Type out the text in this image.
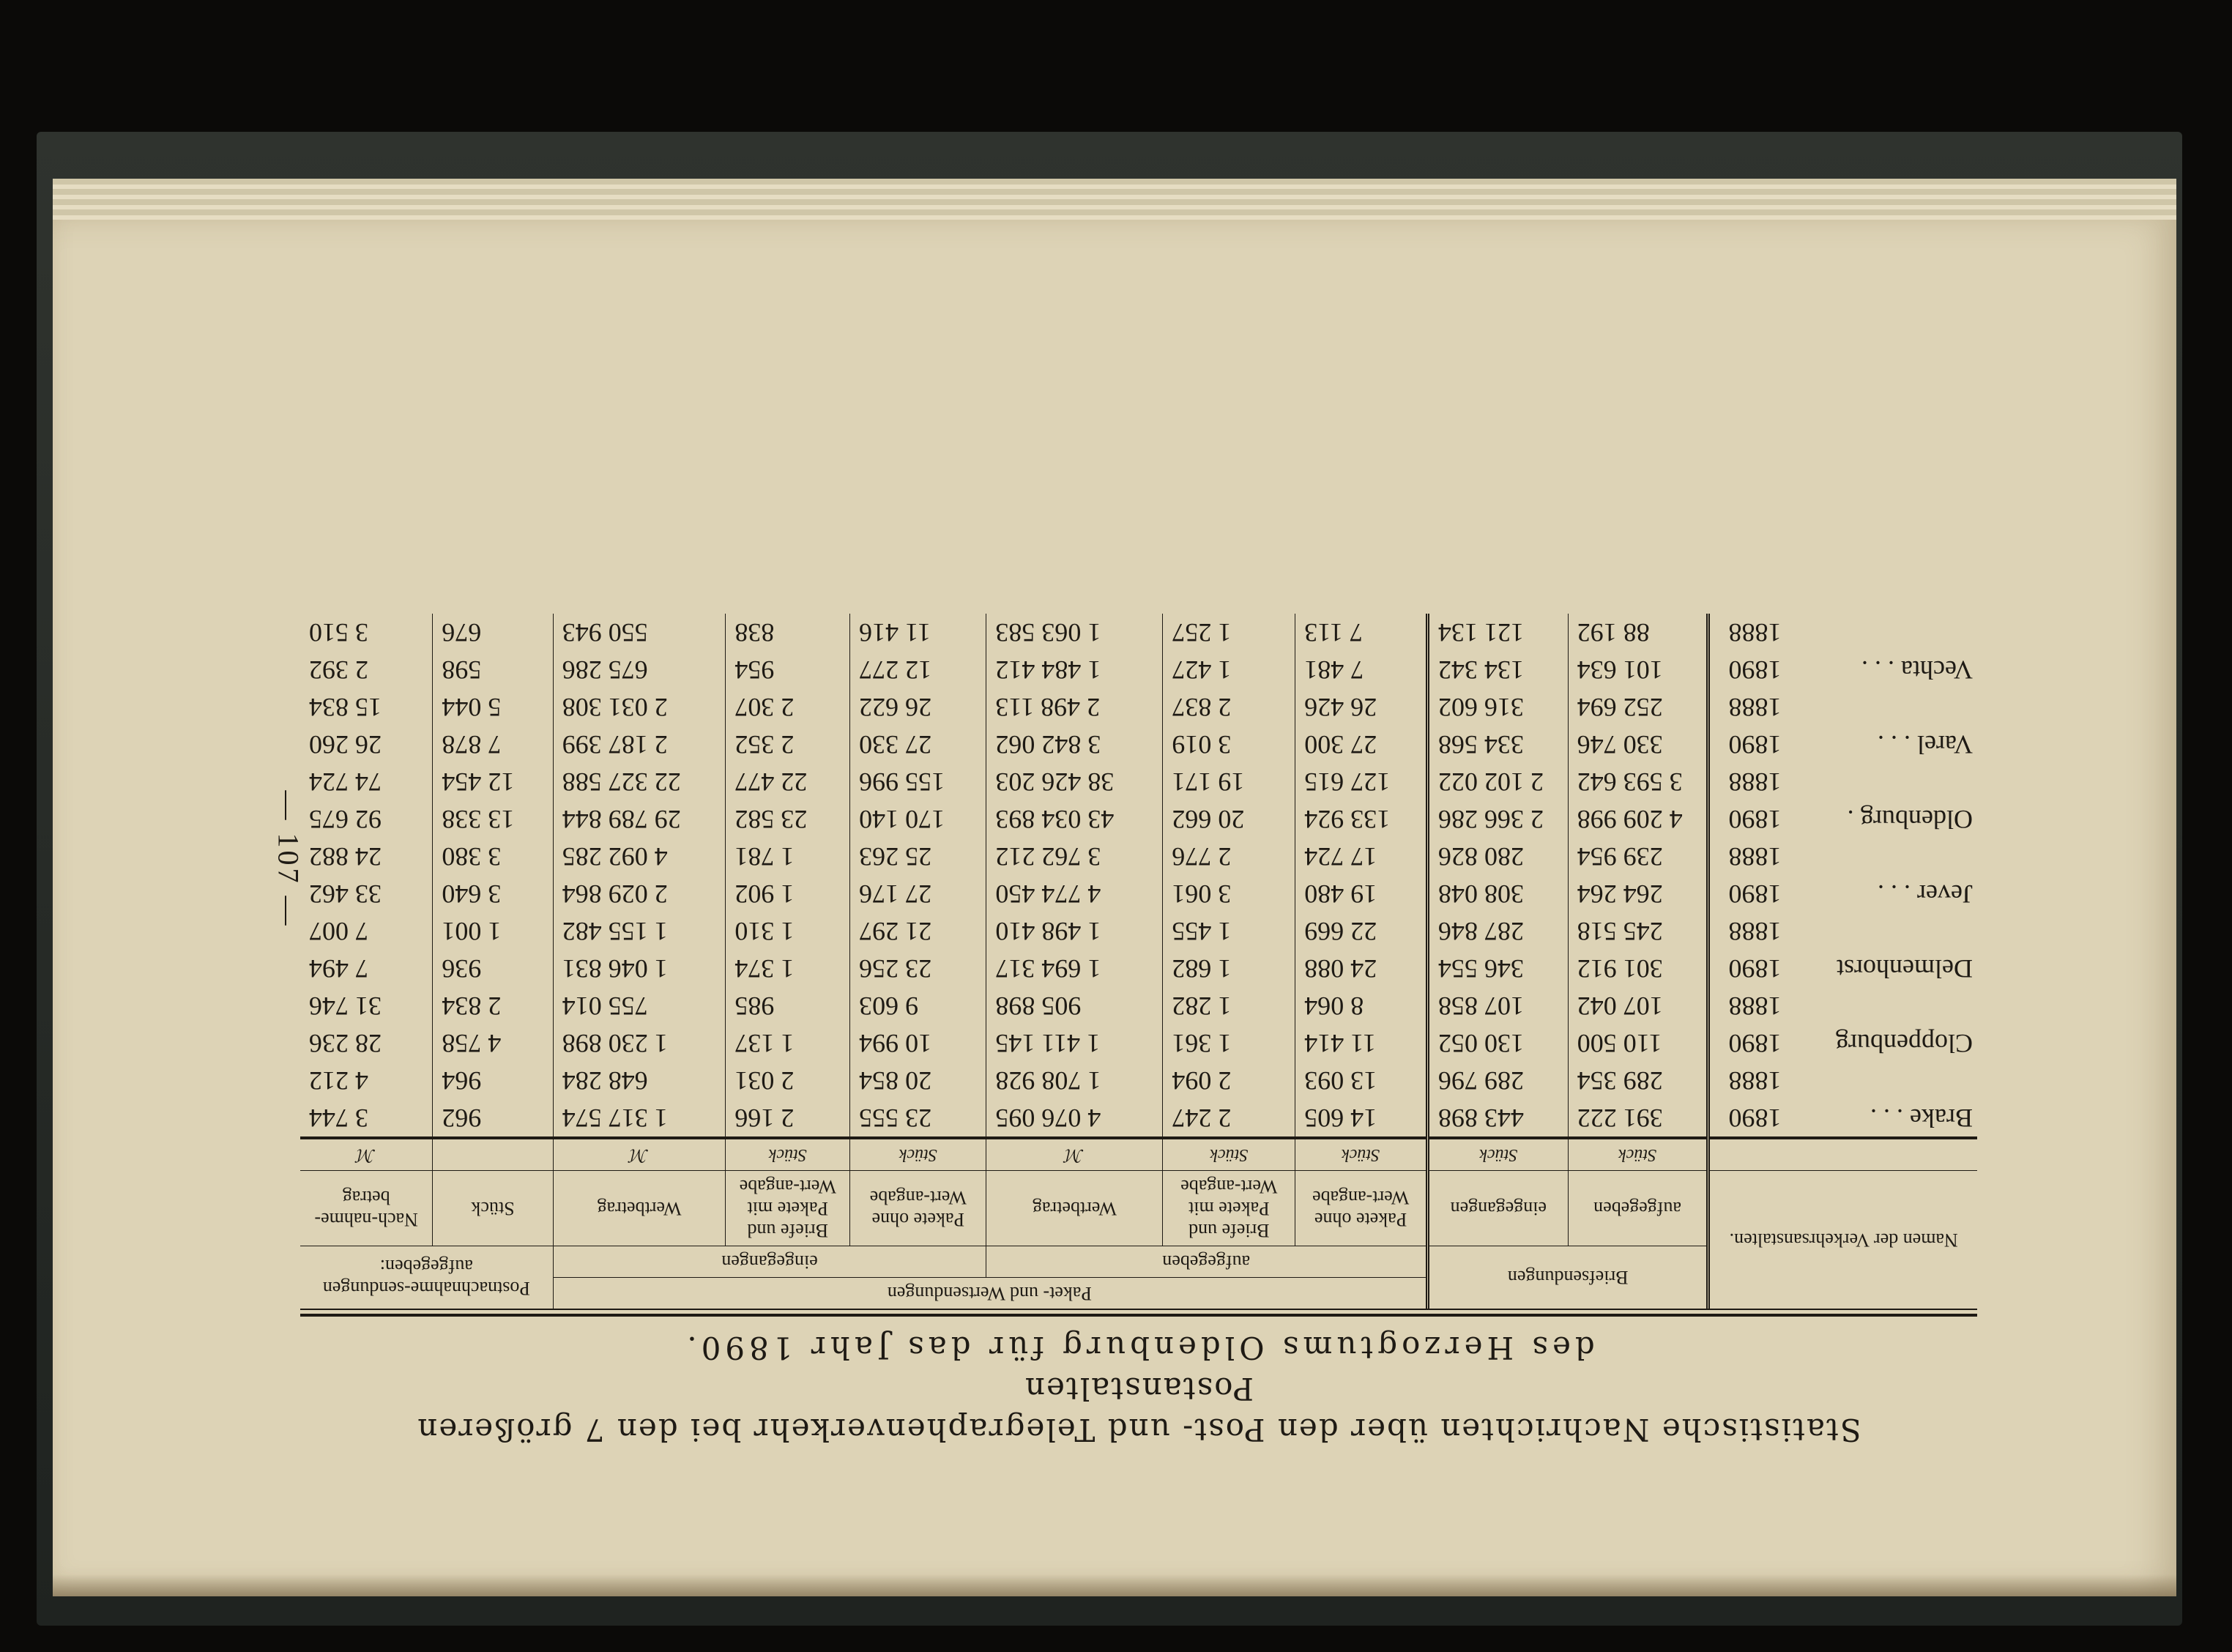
— 107 —
Statistische Nachrichten über den Post- und Telegraphenverkehr bei den 7 größeren Postanstalten
des Herzogtums Oldenburg für das Jahr 1890.
Namen der Verkehrsanstalten.		Briefsendungen		Paket- und Wertsendungen						Postnachnahme-sendungen aufgegeben:	
				aufgegeben			eingegangen				
		aufgegeben	eingegangen	Pakete ohne Wert-angabe	Briefe und Pakete mit Wert-angabe	Wertbetrag	Pakete ohne Wert-angabe	Briefe und Pakete mit Wert-angabe	Wertbetrag	Stück	Nach-nahme-betrag
		Stück	Stück	Stück	Stück	ℳ	Stück	Stück	ℳ		ℳ
Brake . . .	1890	391 222	443 898	14 605	2 247	4 076 095	23 555	2 166	1 317 574	962	3 744
	1888	289 354	289 796	13 093	2 094	1 708 928	20 854	2 031	648 284	964	4 212
Cloppenburg	1890	110 500	130 052	11 414	1 361	1 411 145	10 994	1 137	1 230 898	4 758	28 236
	1888	107 042	107 858	8 064	1 282	905 898	9 603	985	755 014	2 834	31 746
Delmenhorst	1890	301 912	346 554	24 088	1 682	1 694 317	23 256	1 374	1 046 831	936	7 494
	1888	245 518	287 846	22 669	1 455	1 498 410	21 297	1 310	1 155 482	1 001	7 007
Jever . . .	1890	264 264	308 048	19 480	3 061	4 774 450	27 176	1 902	2 029 864	3 640	33 462
	1888	239 954	280 826	17 724	2 776	3 762 212	25 263	1 781	4 092 285	3 380	24 882
Oldenburg .	1890	4 209 998	2 366 286	133 924	20 662	43 034 893	170 140	23 582	29 789 844	13 338	92 675
	1888	3 593 642	2 102 022	127 615	19 171	38 426 203	155 996	22 477	22 327 588	12 454	74 724
Varel . . .	1890	330 746	334 568	27 300	3 019	3 842 062	27 330	2 352	2 187 399	7 878	26 260
	1888	252 694	316 602	26 426	2 837	2 498 113	26 622	2 307	2 031 308	5 044	15 834
Vechta . . .	1890	101 634	134 342	7 481	1 427	1 484 412	12 277	954	675 286	598	2 392
	1888	88 192	121 134	7 113	1 257	1 063 583	11 416	838	550 943	676	3 510
